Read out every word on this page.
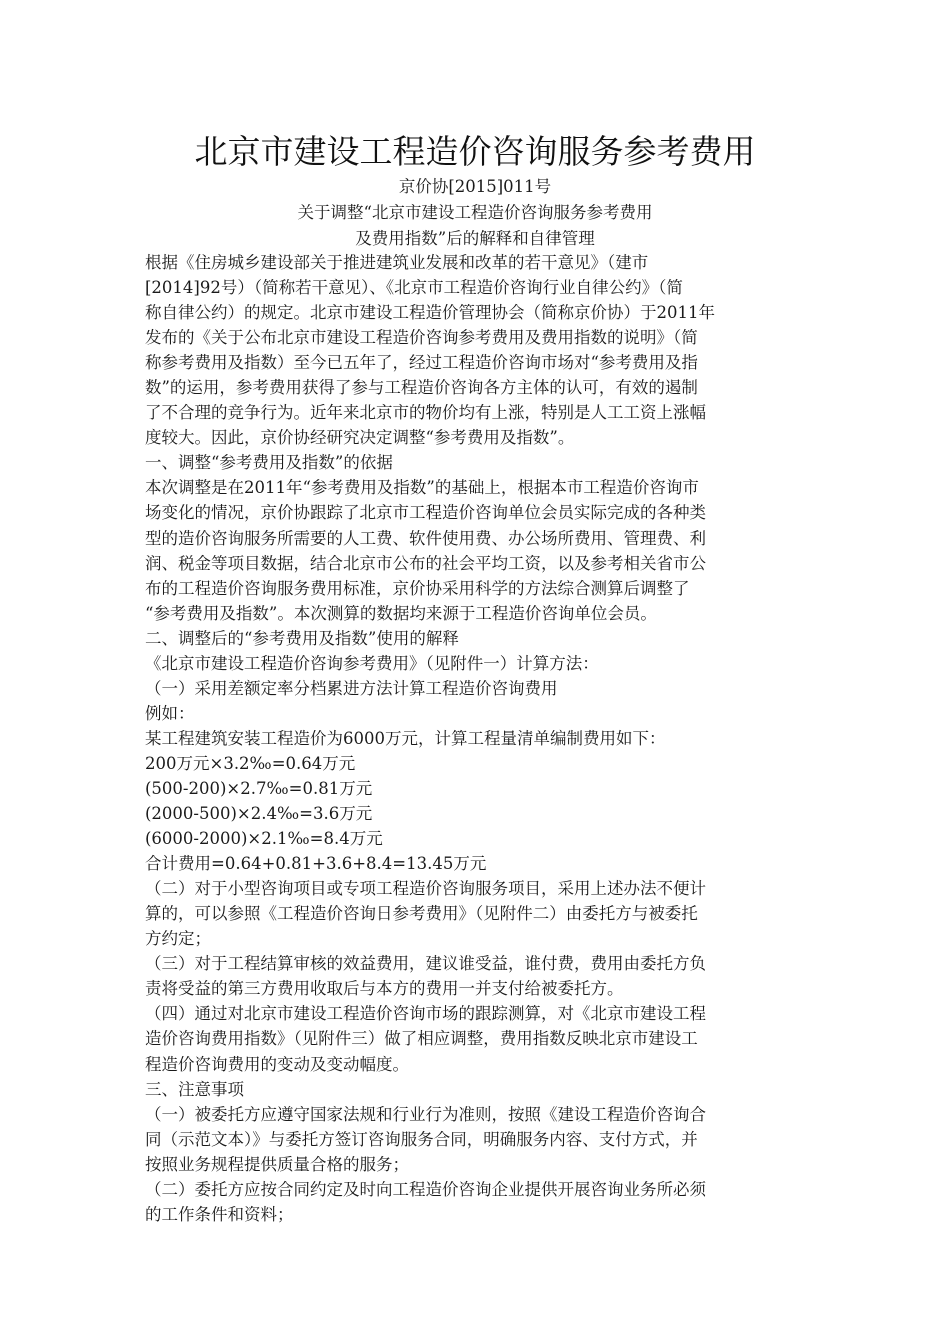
北京市建设工程造价咨询服务参考费用

京价协[2015]011号

关于调整“北京市建设工程造价咨询服务参考费用

及费用指数”后的解释和自律管理

根据《住房城乡建设部关于推进建筑业发展和改革的若干意见》（建市
[2014]92号）（简称若干意见）、《北京市工程造价咨询行业自律公约》（简
称自律公约）的规定。北京市建设工程造价管理协会（简称京价协）于2011年
发布的《关于公布北京市建设工程造价咨询参考费用及费用指数的说明》（简
称参考费用及指数）至今已五年了，经过工程造价咨询市场对“参考费用及指
数”的运用，参考费用获得了参与工程造价咨询各方主体的认可，有效的遏制
了不合理的竞争行为。近年来北京市的物价均有上涨，特别是人工工资上涨幅
度较大。因此，京价协经研究决定调整“参考费用及指数”。
一、调整“参考费用及指数”的依据
本次调整是在2011年“参考费用及指数”的基础上，根据本市工程造价咨询市
场变化的情况，京价协跟踪了北京市工程造价咨询单位会员实际完成的各种类
型的造价咨询服务所需要的人工费、软件使用费、办公场所费用、管理费、利
润、税金等项目数据，结合北京市公布的社会平均工资，以及参考相关省市公
布的工程造价咨询服务费用标准，京价协采用科学的方法综合测算后调整了
“参考费用及指数”。本次测算的数据均来源于工程造价咨询单位会员。
二、调整后的“参考费用及指数”使用的解释
《北京市建设工程造价咨询参考费用》（见附件一）计算方法：
（一）采用差额定率分档累进方法计算工程造价咨询费用
例如：
某工程建筑安装工程造价为6000万元，计算工程量清单编制费用如下：
200万元×3.2‰=0.64万元
(500-200)×2.7‰=0.81万元
(2000-500)×2.4‰=3.6万元
(6000-2000)×2.1‰=8.4万元
合计费用=0.64+0.81+3.6+8.4=13.45万元
（二）对于小型咨询项目或专项工程造价咨询服务项目，采用上述办法不便计
算的，可以参照《工程造价咨询日参考费用》（见附件二）由委托方与被委托
方约定；
（三）对于工程结算审核的效益费用，建议谁受益，谁付费，费用由委托方负
责将受益的第三方费用收取后与本方的费用一并支付给被委托方。
（四）通过对北京市建设工程造价咨询市场的跟踪测算，对《北京市建设工程
造价咨询费用指数》（见附件三）做了相应调整，费用指数反映北京市建设工
程造价咨询费用的变动及变动幅度。
三、注意事项
（一）被委托方应遵守国家法规和行业行为准则，按照《建设工程造价咨询合
同（示范文本）》与委托方签订咨询服务合同，明确服务内容、支付方式，并
按照业务规程提供质量合格的服务；
（二）委托方应按合同约定及时向工程造价咨询企业提供开展咨询业务所必须
的工作条件和资料；
